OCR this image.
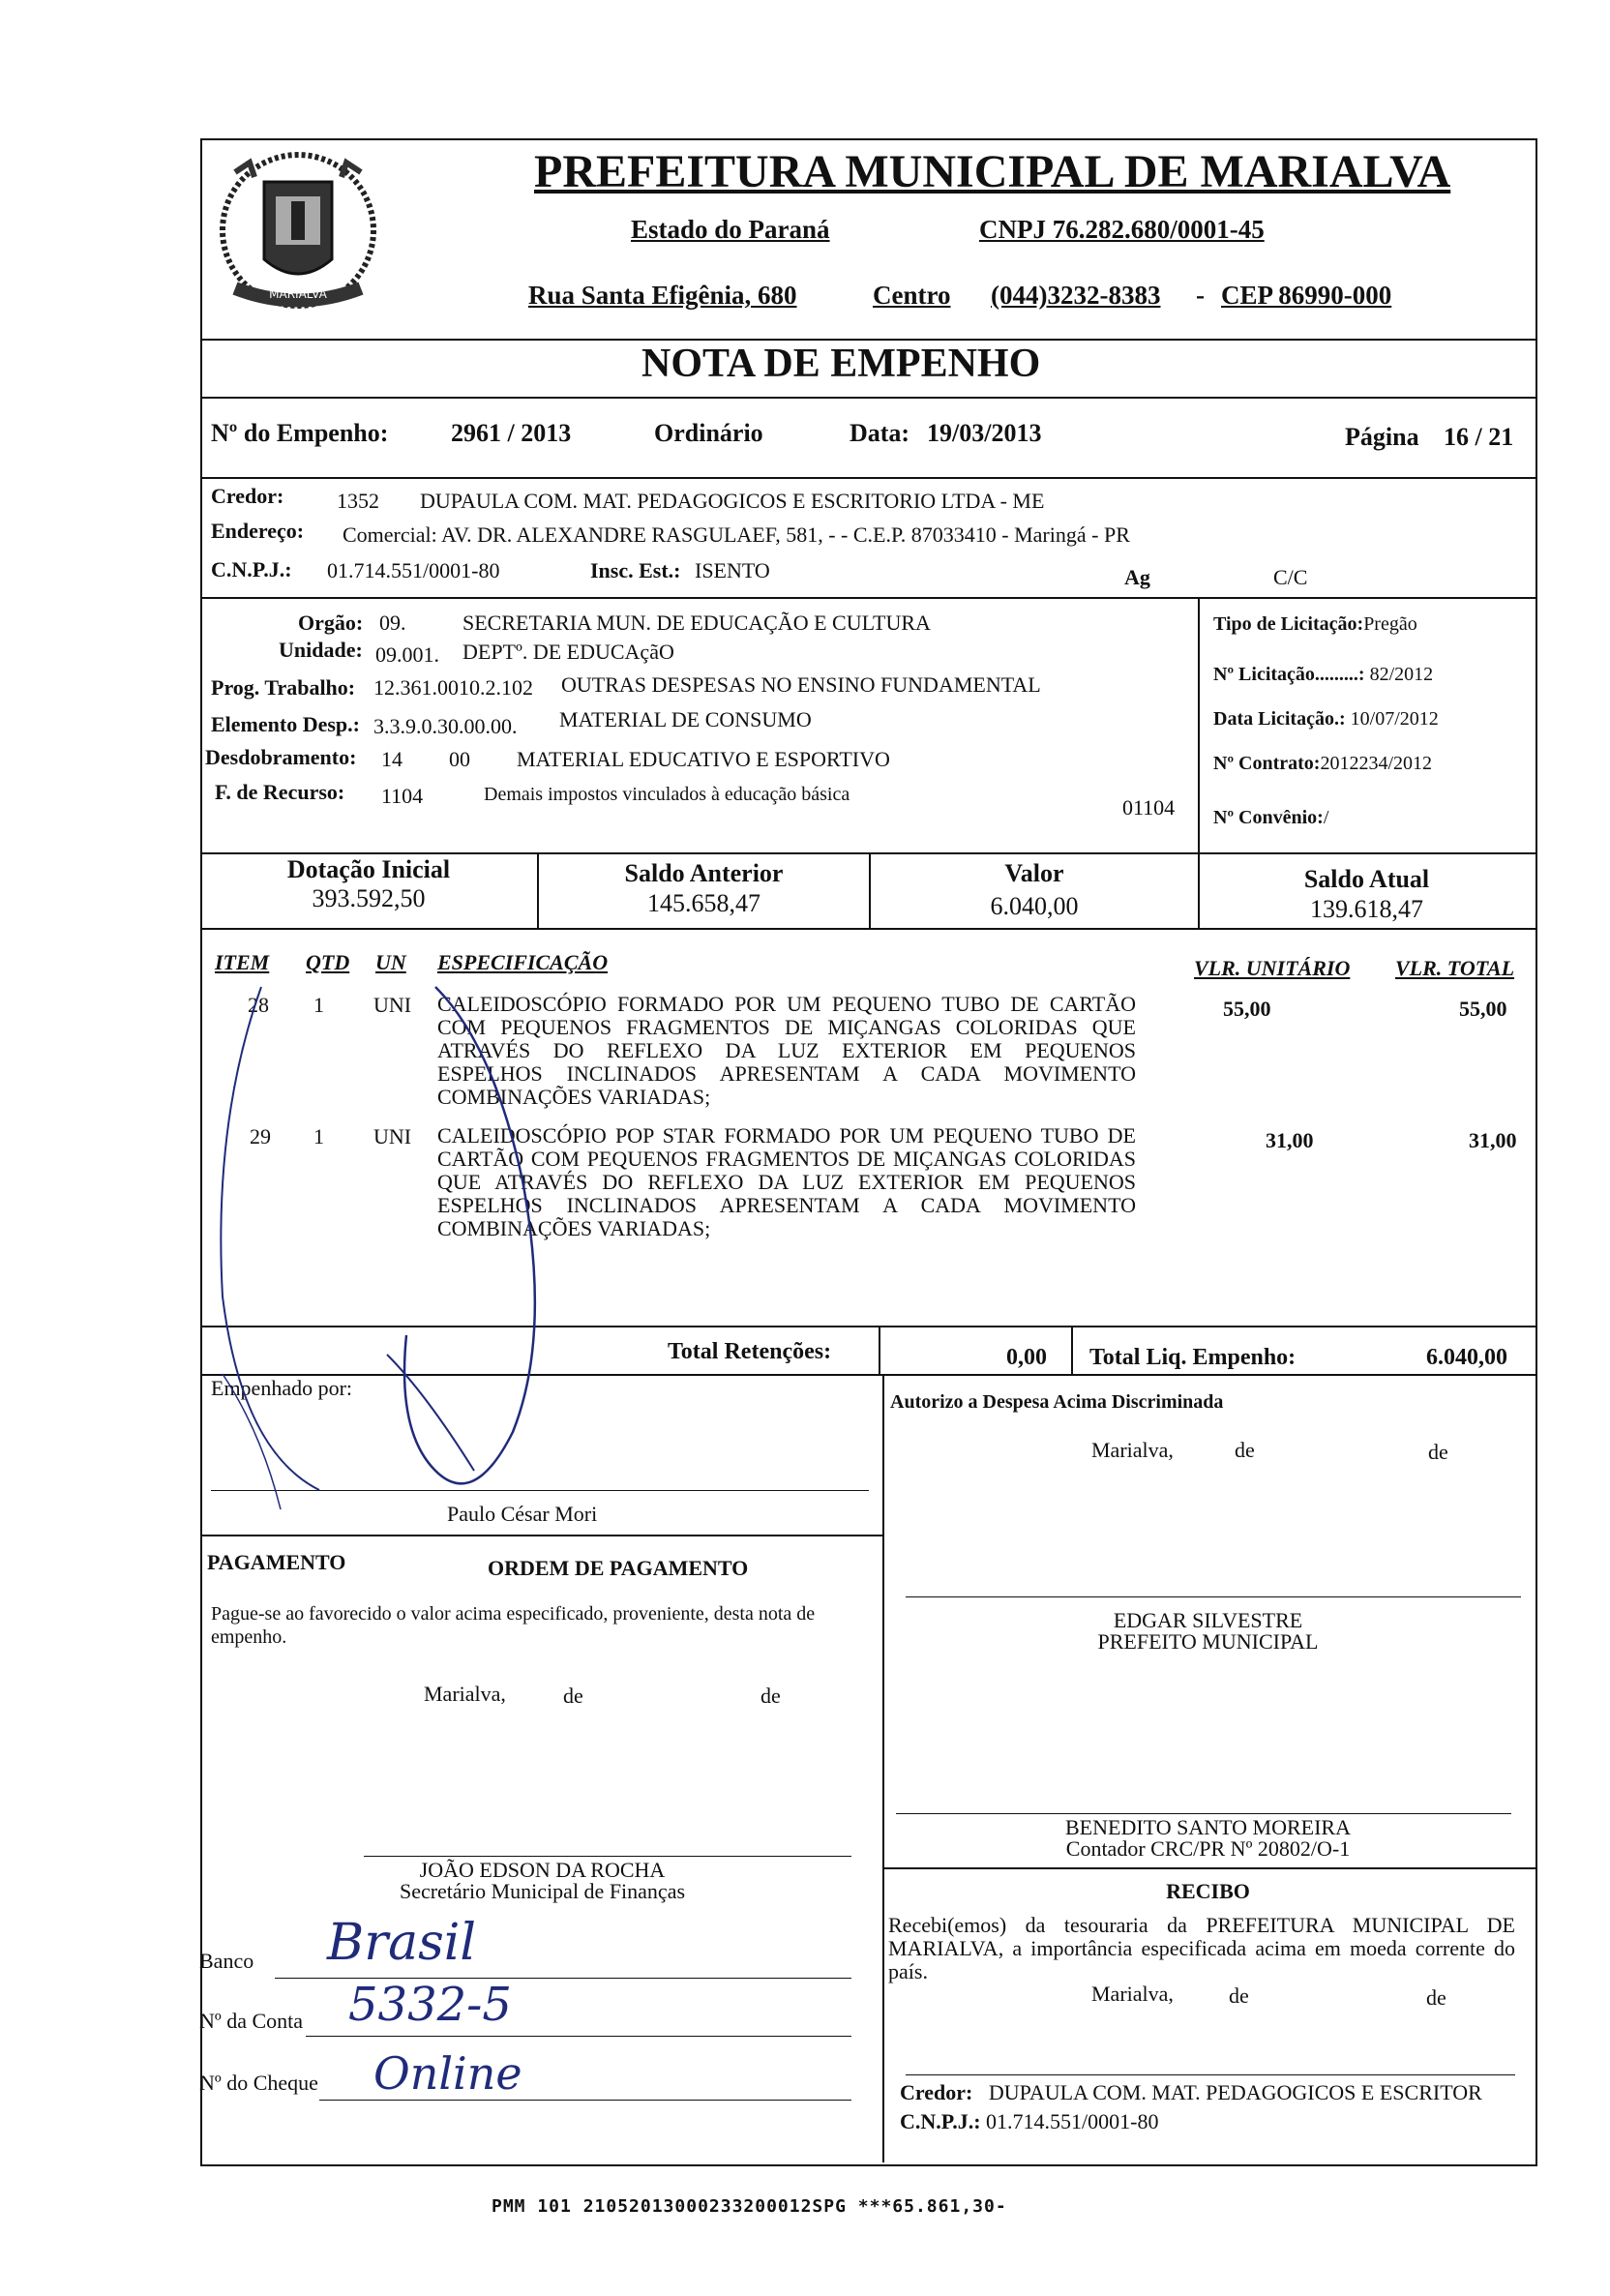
MARIALVA
PREFEITURA MUNICIPAL DE MARIALVA
Estado do Paraná	CNPJ 76.282.680/0001-45
Rua Santa Efigênia, 680	Centro (044)3232-8383 - CEP 86990-000
NOTA DE EMPENHO
Nº do Empenho: 2961 / 2013	Ordinário	Data: 19/03/2013	Página 16 / 21
Credor: 1352 DUPAULA COM. MAT. PEDAGOGICOS E ESCRITORIO LTDA - ME
Endereço: Comercial: AV. DR. ALEXANDRE RASGULAEF, 581, - - C.E.P. 87033410 - Maringá - PR
C.N.P.J.: 01.714.551/0001-80	Insc. Est.: ISENTO	Ag	C/C
Orgão: 09.	SECRETARIA MUN. DE EDUCAÇÃO E CULTURA
Unidade: 09.001. DEPTº. DE EDUCAçãO
Prog. Trabalho: 12.361.0010.2.102 OUTRAS DESPESAS NO ENSINO FUNDAMENTAL
Elemento Desp.: 3.3.9.0.30.00.00. MATERIAL DE CONSUMO
Desdobramento: 14 00 MATERIAL EDUCATIVO E ESPORTIVO
F. de Recurso: 1104	Demais impostos vinculados à educação básica
01104
Tipo de Licitação:Pregão
Nº Licitação.........: 82/2012
Data Licitação.: 10/07/2012
Nº Contrato:2012234/2012
Nº Convênio:/
Dotação Inicial
393.592,50
Saldo Anterior
145.658,47
Valor
6.040,00
Saldo Atual
139.618,47
ITEM QTD UN ESPECIFICAÇÃO	VLR. UNITÁRIO VLR. TOTAL
28 1 UNI CALEIDOSCÓPIO FORMADO POR UM PEQUENO TUBO DE CARTÃO
COM PEQUENOS FRAGMENTOS DE MIÇANGAS COLORIDAS QUE
ATRAVÉS DO REFLEXO DA LUZ EXTERIOR EM PEQUENOS
ESPELHOS INCLINADOS APRESENTAM A CADA MOVIMENTO
COMBINAÇÕES VARIADAS;
55,00	55,00
29 1 UNI CALEIDOSCÓPIO POP STAR FORMADO POR UM PEQUENO TUBO DE
CARTÃO COM PEQUENOS FRAGMENTOS DE MIÇANGAS COLORIDAS
QUE ATRAVÉS DO REFLEXO DA LUZ EXTERIOR EM PEQUENOS
ESPELHOS INCLINADOS APRESENTAM A CADA MOVIMENTO
COMBINAÇÕES VARIADAS;
31,00	31,00
Total Retenções:	0,00 Total Liq. Empenho:	6.040,00
Empenhado por:
Paulo César Mori
Autorizo a Despesa Acima Discriminada
Marialva,	de	de
PAGAMENTO	ORDEM DE PAGAMENTO
Pague-se ao favorecido o valor acima especificado, proveniente, desta nota de empenho.
Marialva,	de	de
EDGAR SILVESTRE
PREFEITO MUNICIPAL
BENEDITO SANTO MOREIRA
Contador CRC/PR Nº 20802/O-1
JOÃO EDSON DA ROCHA
Secretário Municipal de Finanças	RECIBO
Recebi(emos) da tesouraria da PREFEITURA MUNICIPAL DE MARIALVA, a importância especificada acima em moeda corrente do país.
Marialva,	de	de
Banco Brasil
Nº da Conta 5332-5
Nº do Cheque Online	Credor: DUPAULA COM. MAT. PEDAGOGICOS E ESCRITOR
C.N.P.J.: 01.714.551/0001-80
PMM 101 21052013000233200012SPG ***65.861,30-
